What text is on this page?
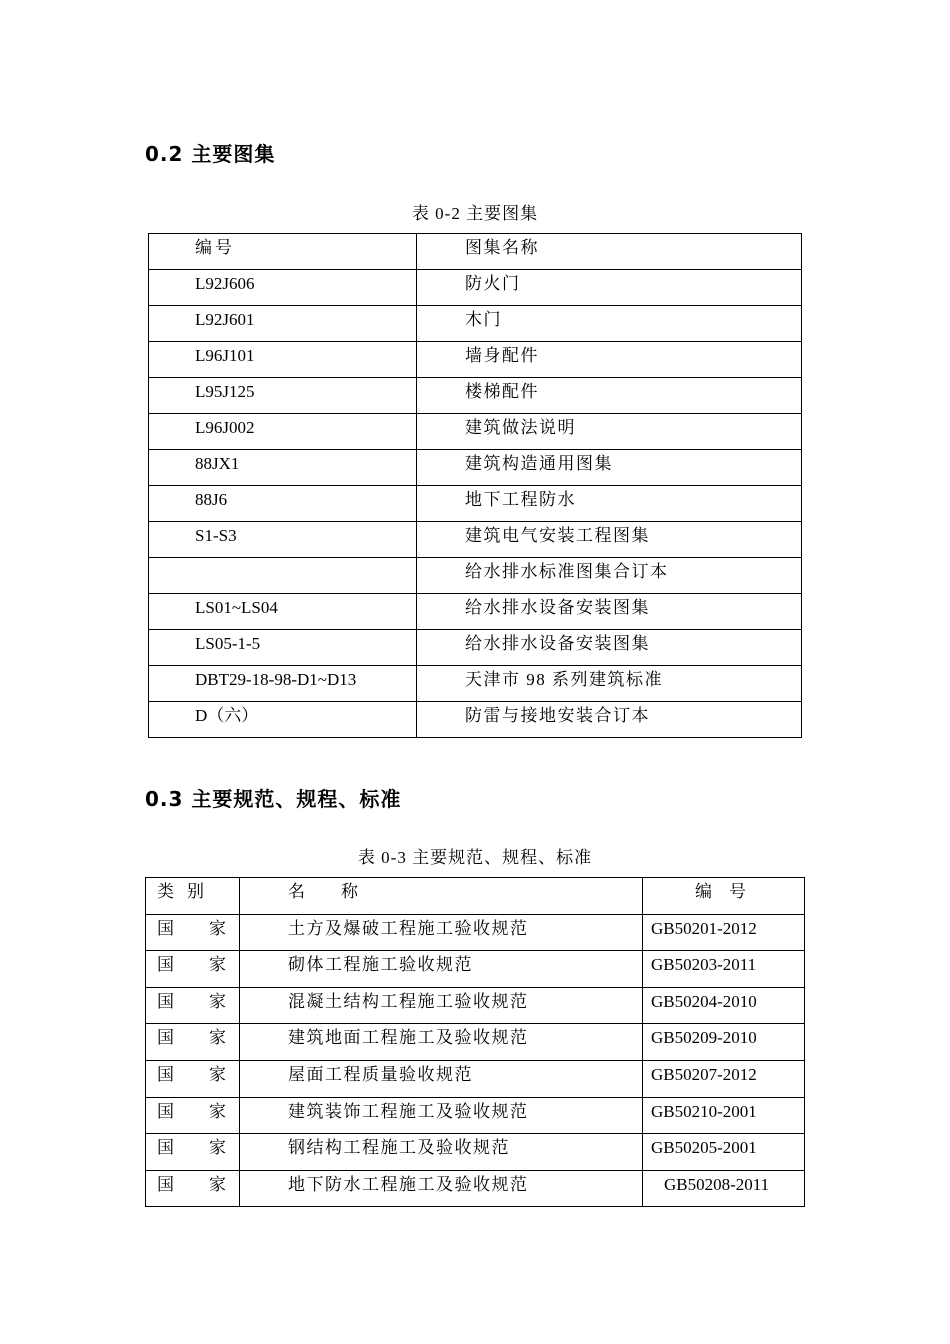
0.2 主要图集

表 0-2 主要图集

编号	图集名称
L92J606	防火门
L92J601	木门
L96J101	墙身配件
L95J125	楼梯配件
L96J002	建筑做法说明
88JX1	建筑构造通用图集
88J6	地下工程防水
S1-S3	建筑电气安装工程图集
	给水排水标准图集合订本
LS01~LS04	给水排水设备安装图集
LS05-1-5	给水排水设备安装图集
DBT29-18-98-D1~D13	天津市 98 系列建筑标准
D（六）	防雷与接地安装合订本
0.3 主要规范、规程、标准

表 0-3 主要规范、规程、标准

类  别	名      称	编    号
国 家	土方及爆破工程施工验收规范	GB50201-2012
国 家	砌体工程施工验收规范	GB50203-2011
国 家	混凝土结构工程施工验收规范	GB50204-2010
国 家	建筑地面工程施工及验收规范	GB50209-2010
国 家	屋面工程质量验收规范	GB50207-2012
国 家	建筑装饰工程施工及验收规范	GB50210-2001
国 家	钢结构工程施工及验收规范	GB50205-2001
国 家	地下防水工程施工及验收规范	GB50208-2011
